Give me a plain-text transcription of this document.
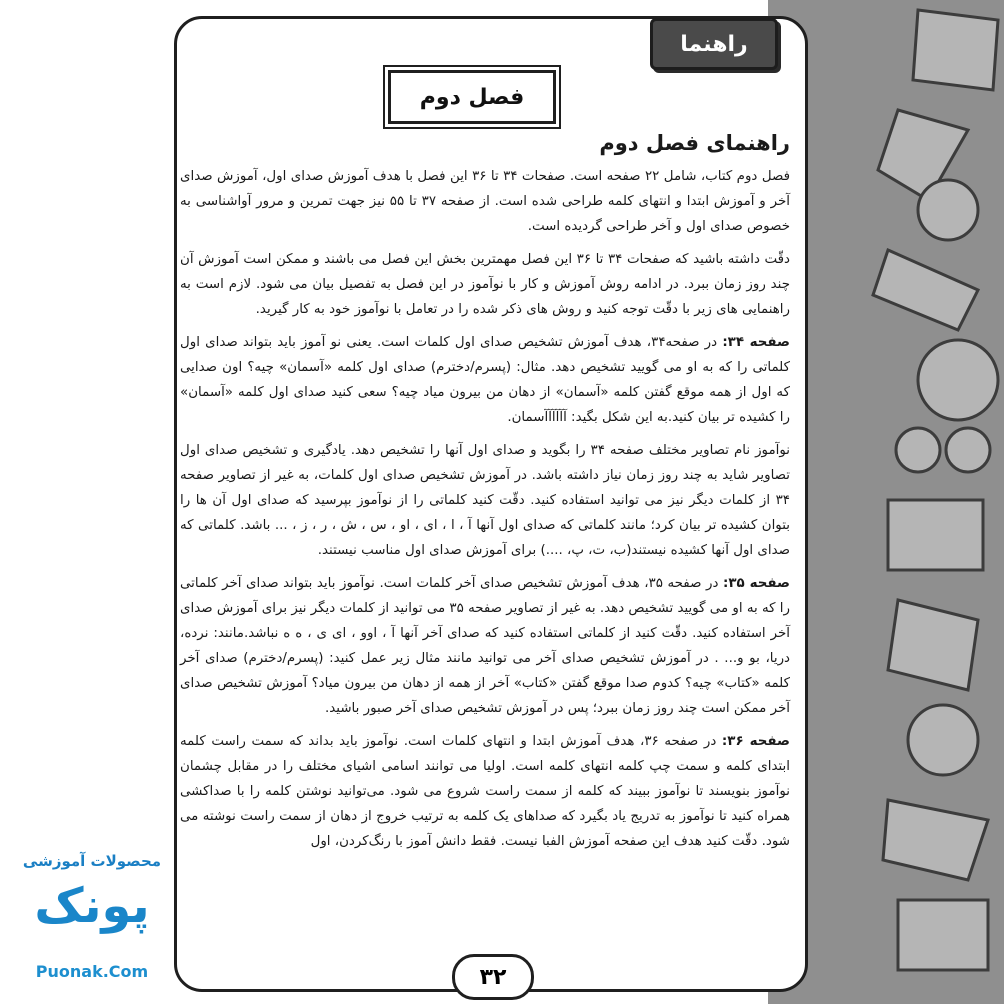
راهنما
فصل دوم
راهنمای فصل دوم

فصل دوم کتاب، شامل ۲۲ صفحه است. صفحات ۳۴ تا ۳۶ این فصل با هدف آموزش صدای اول، آموزش صدای آخر و آموزش ابتدا و انتهای کلمه طراحی شده است. از صفحه ۳۷ تا ۵۵ نیز جهت تمرین و مرور آواشناسی به خصوص صدای اول و آخر طراحی گردیده است.

دقّت داشته باشید که صفحات ۳۴ تا ۳۶ این فصل مهمترین بخش این فصل می باشند و ممکن است آموزش آن چند روز زمان ببرد. در ادامه روش آموزش و کار با نوآموز در این فصل به تفصیل بیان می شود. لازم است به راهنمایی های زیر با دقّت توجه کنید و روش های ذکر شده را در تعامل با نوآموز خود به کار گیرید.

صفحه ۳۴: در صفحه۳۴، هدف آموزش تشخیص صدای اول کلمات است. یعنی نو آموز باید بتواند صدای اول کلماتی را که به او می گویید تشخیص دهد. مثال: (پسرم/دخترم) صدای اول کلمه «آسمان» چیه؟ اون صدایی که اول از همه موقع گفتن کلمه «آسمان» از دهان من بیرون میاد چیه؟ سعی کنید صدای اول کلمه «آسمان» را کشیده تر بیان کنید.به این شکل بگید: آآآآآآسمان.

نوآموز نام تصاویر مختلف صفحه ۳۴ را بگوید و صدای اول آنها را تشخیص دهد. یادگیری و تشخیص صدای اول تصاویر شاید به چند روز زمان نیاز داشته باشد. در آموزش تشخیص صدای اول کلمات، به غیر از تصاویر صفحه ۳۴ از کلمات دیگر نیز می توانید استفاده کنید. دقّت کنید کلماتی را از نوآموز بپرسید که صدای اول آن ها را بتوان کشیده تر بیان کرد؛ مانند کلماتی که صدای اول آنها آ ، ا ، ای ، او ، س ، ش ، ر ، ز ، ... باشد. کلماتی که صدای اول آنها کشیده نیستند(ب، ت، پ، ....) برای آموزش صدای اول مناسب نیستند.

صفحه ۳۵: در صفحه ۳۵، هدف آموزش تشخیص صدای آخر کلمات است. نوآموز باید بتواند صدای آخر کلماتی را که به او می گویید تشخیص دهد. به غیر از تصاویر صفحه ۳۵ می توانید از کلمات دیگر نیز برای آموزش صدای آخر استفاده کنید. دقّت کنید از کلماتی استفاده کنید که صدای آخر آنها آ ، اوو ، ای ی ، ه ه نباشد.مانند: نرده، دریا، بو و... . در آموزش تشخیص صدای آخر می توانید مانند مثال زیر عمل کنید: (پسرم/دخترم) صدای آخر کلمه «کتاب» چیه؟ کدوم صدا موقع گفتن «کتاب» آخر از همه از دهان من بیرون میاد؟ آموزش تشخیص صدای آخر ممکن است چند روز زمان ببرد؛ پس در آموزش تشخیص صدای آخر صبور باشید.

صفحه ۳۶: در صفحه ۳۶، هدف آموزش ابتدا و انتهای کلمات است. نوآموز باید بداند که سمت راست کلمه ابتدای کلمه و سمت چپ کلمه انتهای کلمه است. اولیا می توانند اسامی اشیای مختلف را در مقابل چشمان نوآموز بنویسند تا نوآموز ببیند که کلمه از سمت راست شروع می شود. می‌توانید نوشتن کلمه را با صداکشی همراه کنید تا نوآموز به تدریج یاد بگیرد که صداهای یک کلمه به ترتیب خروج از دهان از سمت راست نوشته می شود. دقّت کنید هدف این صفحه آموزش الفبا نیست. فقط دانش آموز با رنگ‌کردن، اول

۳۲
محصولات آموزشی
پونک
Puonak.Com
